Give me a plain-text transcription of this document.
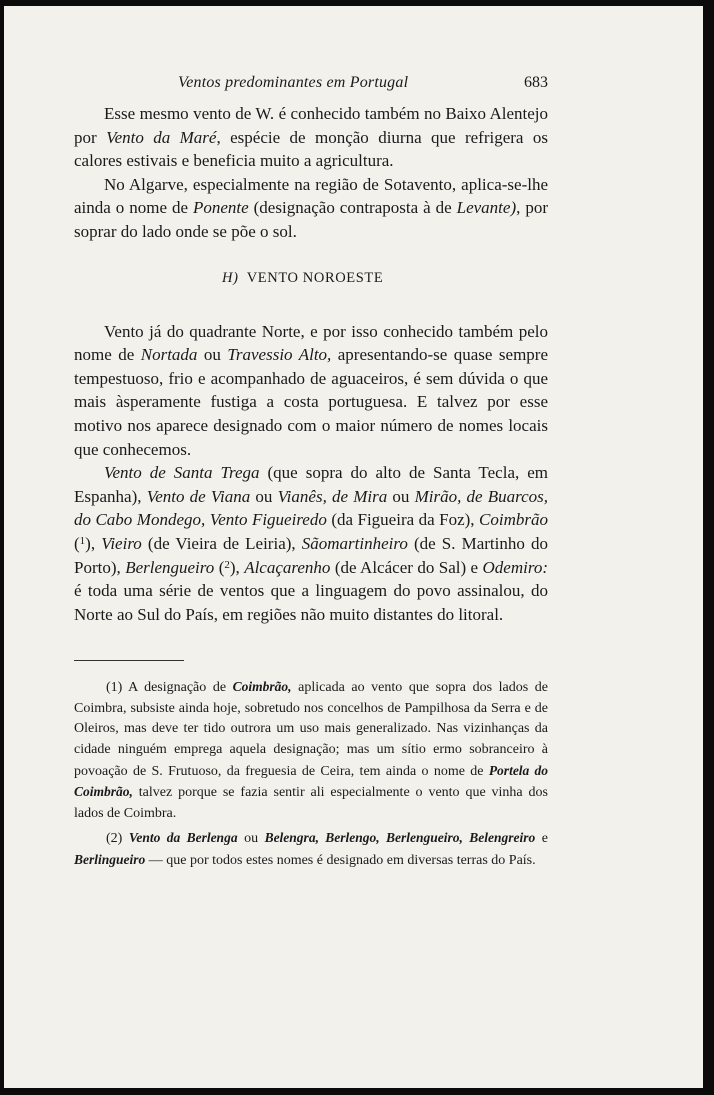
Ventos predominantes em Portugal	683

Esse mesmo vento de W. é conhecido também no Baixo Alentejo por Vento da Maré, espécie de monção diurna que refrigera os calores estivais e beneficia muito a agricultura.

No Algarve, especialmente na região de Sotavento, aplica-se-lhe ainda o nome de Ponente (designação contraposta à de Levante), por soprar do lado onde se põe o sol.

H) VENTO NOROESTE

Vento já do quadrante Norte, e por isso conhecido também pelo nome de Nortada ou Travessio Alto, apresentando-se quase sempre tempestuoso, frio e acompanhado de aguaceiros, é sem dúvida o que mais àsperamente fustiga a costa portuguesa. E talvez por esse motivo nos aparece designado com o maior número de nomes locais que conhecemos.

Vento de Santa Trega (que sopra do alto de Santa Tecla, em Espanha), Vento de Viana ou Vianês, de Mira ou Mirão, de Buarcos, do Cabo Mondego, Vento Figueiredo (da Figueira da Foz), Coimbrão ($^1$), Vieiro (de Vieira de Leiria), Sãomartinheiro (de S. Martinho do Porto), Berlengueiro ($^2$), Alcaçarenho (de Alcácer do Sal) e Odemiro: é toda uma série de ventos que a linguagem do povo assinalou, do Norte ao Sul do País, em regiões não muito distantes do litoral.

(1) A designação de Coimbrão, aplicada ao vento que sopra dos lados de Coimbra, subsiste ainda hoje, sobretudo nos concelhos de Pampilhosa da Serra e de Oleiros, mas deve ter tido outrora um uso mais generalizado. Nas vizinhanças da cidade ninguém emprega aquela designação; mas um sítio ermo sobranceiro à povoação de S. Frutuoso, da freguesia de Ceira, tem ainda o nome de Portela do Coimbrão, talvez porque se fazia sentir ali especialmente o vento que vinha dos lados de Coimbra.

(2) Vento da Berlenga ou Belengra, Berlengo, Berlengueiro, Belengreiro e Berlingueiro — que por todos estes nomes é designado em diversas terras do País.
